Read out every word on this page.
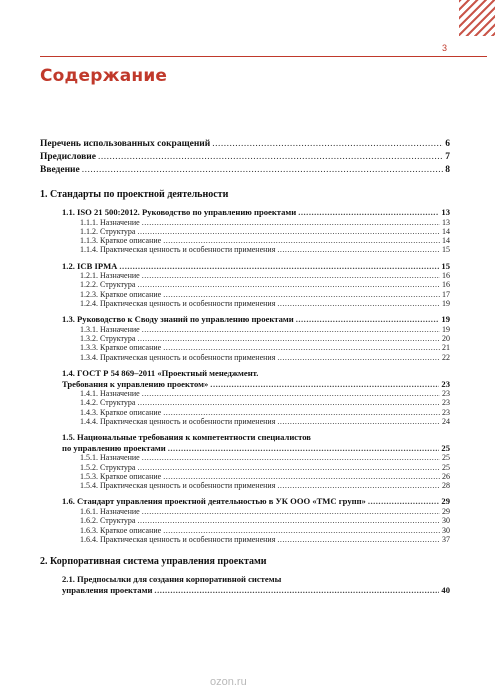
3
Содержание
Перечень использованных сокращений .....	6
Предисловие .....	7
Введение .....	8
1. Стандарты по проектной деятельности
1.1. ISO 21 500:2012. Руководство по управлению проектами .....	13
1.1.1. Назначение .....	13
1.1.2. Структура .....	14
1.1.3. Краткое описание .....	14
1.1.4. Практическая ценность и особенности применения .....	15
1.2. ICB IPMA .....	15
1.2.1. Назначение .....	16
1.2.2. Структура .....	16
1.2.3. Краткое описание .....	17
1.2.4. Практическая ценность и особенности применения .....	19
1.3. Руководство к Своду знаний по управлению проектами .....	19
1.3.1. Назначение .....	19
1.3.2. Структура .....	20
1.3.3. Краткое описание .....	21
1.3.4. Практическая ценность и особенности применения .....	22
1.4. ГОСТ Р 54 869–2011 «Проектный менеджмент.
Требования к управлению проектом» .....	23
1.4.1. Назначение .....	23
1.4.2. Структура .....	23
1.4.3. Краткое описание .....	23
1.4.4. Практическая ценность и особенности применения .....	24
1.5. Национальные требования к компетентности специалистов
по управлению проектами .....	25
1.5.1. Назначение .....	25
1.5.2. Структура .....	25
1.5.3. Краткое описание .....	26
1.5.4. Практическая ценность и особенности применения .....	28
1.6. Стандарт управления проектной деятельностью в УК ООО «ТМС групп» .....	29
1.6.1. Назначение .....	29
1.6.2. Структура .....	30
1.6.3. Краткое описание .....	30
1.6.4. Практическая ценность и особенности применения .....	37
2. Корпоративная система управления проектами
2.1. Предпосылки для создания корпоративной системы
управления проектами .....	40
ozon.ru
